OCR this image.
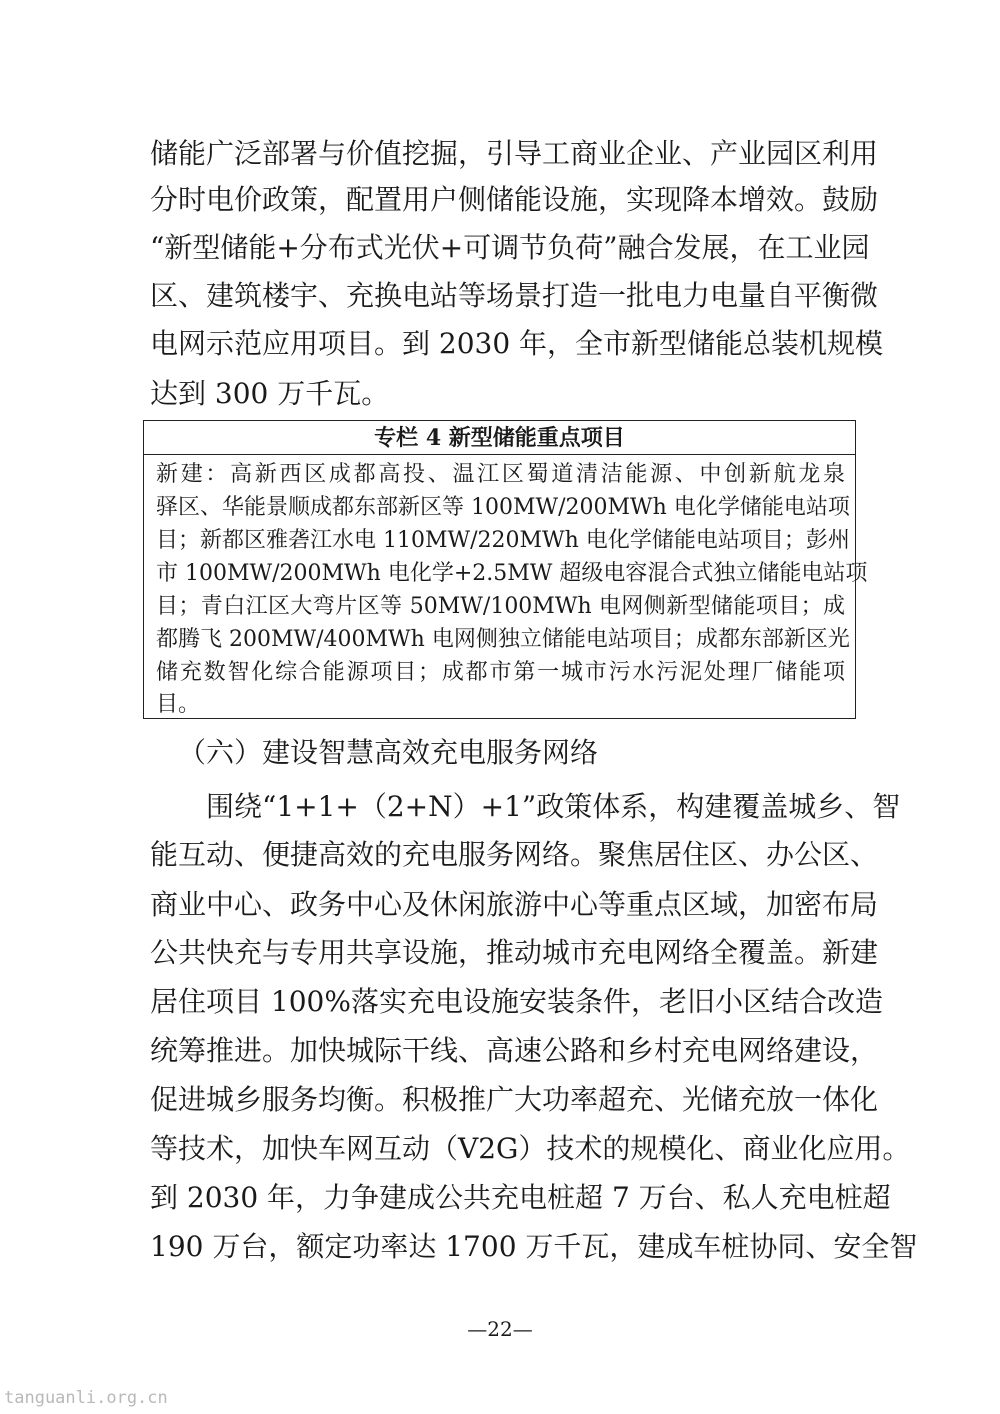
储能广泛部署与价值挖掘，引导工商业企业、产业园区利用
分时电价政策，配置用户侧储能设施，实现降本增效。鼓励
“新型储能+分布式光伏+可调节负荷”融合发展，在工业园
区、建筑楼宇、充换电站等场景打造一批电力电量自平衡微
电网示范应用项目。到 2030 年，全市新型储能总装机规模
达到 300 万千瓦。
专栏 4 新型储能重点项目
新建：高新西区成都高投、温江区蜀道清洁能源、中创新航龙泉
驿区、华能景顺成都东部新区等 100MW/200MWh 电化学储能电站项
目；新都区雅砻江水电 110MW/220MWh 电化学储能电站项目；彭州
市 100MW/200MWh 电化学+2.5MW 超级电容混合式独立储能电站项
目；青白江区大弯片区等 50MW/100MWh 电网侧新型储能项目；成
都腾飞 200MW/400MWh 电网侧独立储能电站项目；成都东部新区光
储充数智化综合能源项目；成都市第一城市污水污泥处理厂储能项
目。
（六）建设智慧高效充电服务网络
围绕“1+1+（2+N）+1”政策体系，构建覆盖城乡、智
能互动、便捷高效的充电服务网络。聚焦居住区、办公区、
商业中心、政务中心及休闲旅游中心等重点区域，加密布局
公共快充与专用共享设施，推动城市充电网络全覆盖。新建
居住项目 100%落实充电设施安装条件，老旧小区结合改造
统筹推进。加快城际干线、高速公路和乡村充电网络建设，
促进城乡服务均衡。积极推广大功率超充、光储充放一体化
等技术，加快车网互动（V2G）技术的规模化、商业化应用。
到 2030 年，力争建成公共充电桩超 7 万台、私人充电桩超
190 万台，额定功率达 1700 万千瓦，建成车桩协同、安全智
—22—
tanguanli.org.cn
